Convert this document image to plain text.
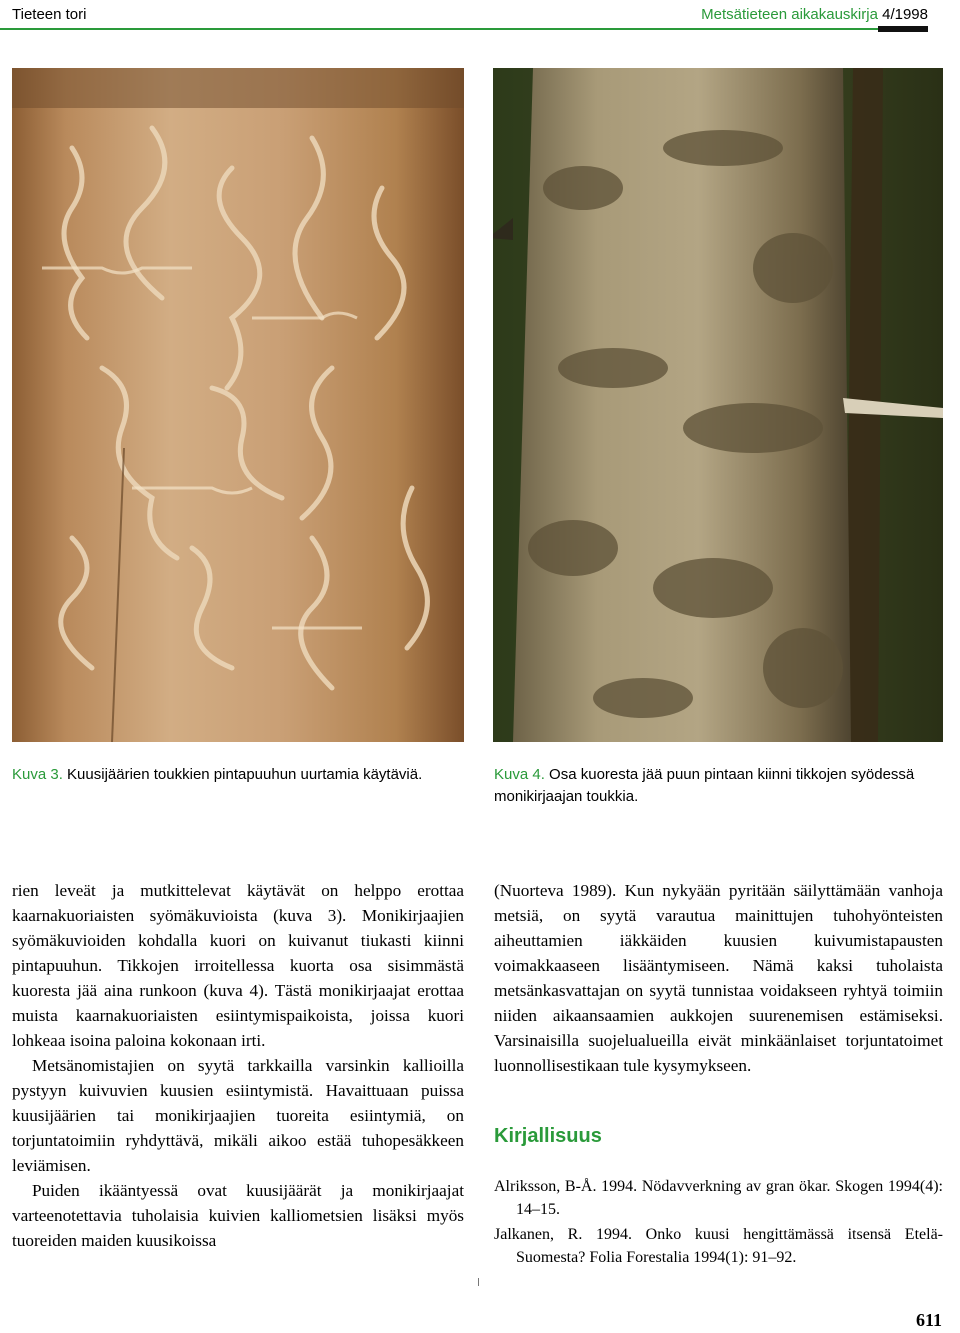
Tieteen tori	Metsätieteen aikakauskirja 4/1998
Kuva 3. Kuusijäärien toukkien pintapuuhun uurtamia käytäviä.	Kuva 4. Osa kuoresta jää puun pintaan kiinni tikkojen syödessä monikirjaajan toukkia.

rien leveät ja mutkittelevat käytävät on helppo erottaa kaarnakuoriaisten syömäkuvioista (kuva 3). Monikirjaajien syömäkuvioiden kohdalla kuori on kuivanut tiukasti kiinni pintapuuhun. Tikkojen irroitellessa kuorta osa sisimmästä kuoresta jää aina runkoon (kuva 4). Tästä monikirjaajat erottaa muista kaarnakuoriaisten esiintymispaikoista, joissa kuori lohkeaa isoina paloina kokonaan irti.

Metsänomistajien on syytä tarkkailla varsinkin kallioilla pystyyn kuivuvien kuusien esiintymistä. Havaittuaan puissa kuusijäärien tai monikirjaajien tuoreita esiintymiä, on torjuntatoimiin ryhdyttävä, mikäli aikoo estää tuhopesäkkeen leviämisen.

Puiden ikääntyessä ovat kuusijäärät ja monikirjaajat varteenotettavia tuholaisia kuivien kalliometsien lisäksi myös tuoreiden maiden kuusikoissa

(Nuorteva 1989). Kun nykyään pyritään säilyttämään vanhoja metsiä, on syytä varautua mainittujen tuhohyönteisten aiheuttamien iäkkäiden kuusien kuivumistapausten voimakkaaseen lisääntymiseen. Nämä kaksi tuholaista metsänkasvattajan on syytä tunnistaa voidakseen ryhtyä toimiin niiden aikaansaamien aukkojen suurenemisen estämiseksi. Varsinaisilla suojelualueilla eivät minkäänlaiset torjuntatoimet luonnollisestikaan tule kysymykseen.

Kirjallisuus

Alriksson, B-Å. 1994. Nödavverkning av gran ökar. Skogen 1994(4): 14–15.

Jalkanen, R. 1994. Onko kuusi hengittämässä itsensä Etelä-Suomesta? Folia Forestalia 1994(1): 91–92.

611
